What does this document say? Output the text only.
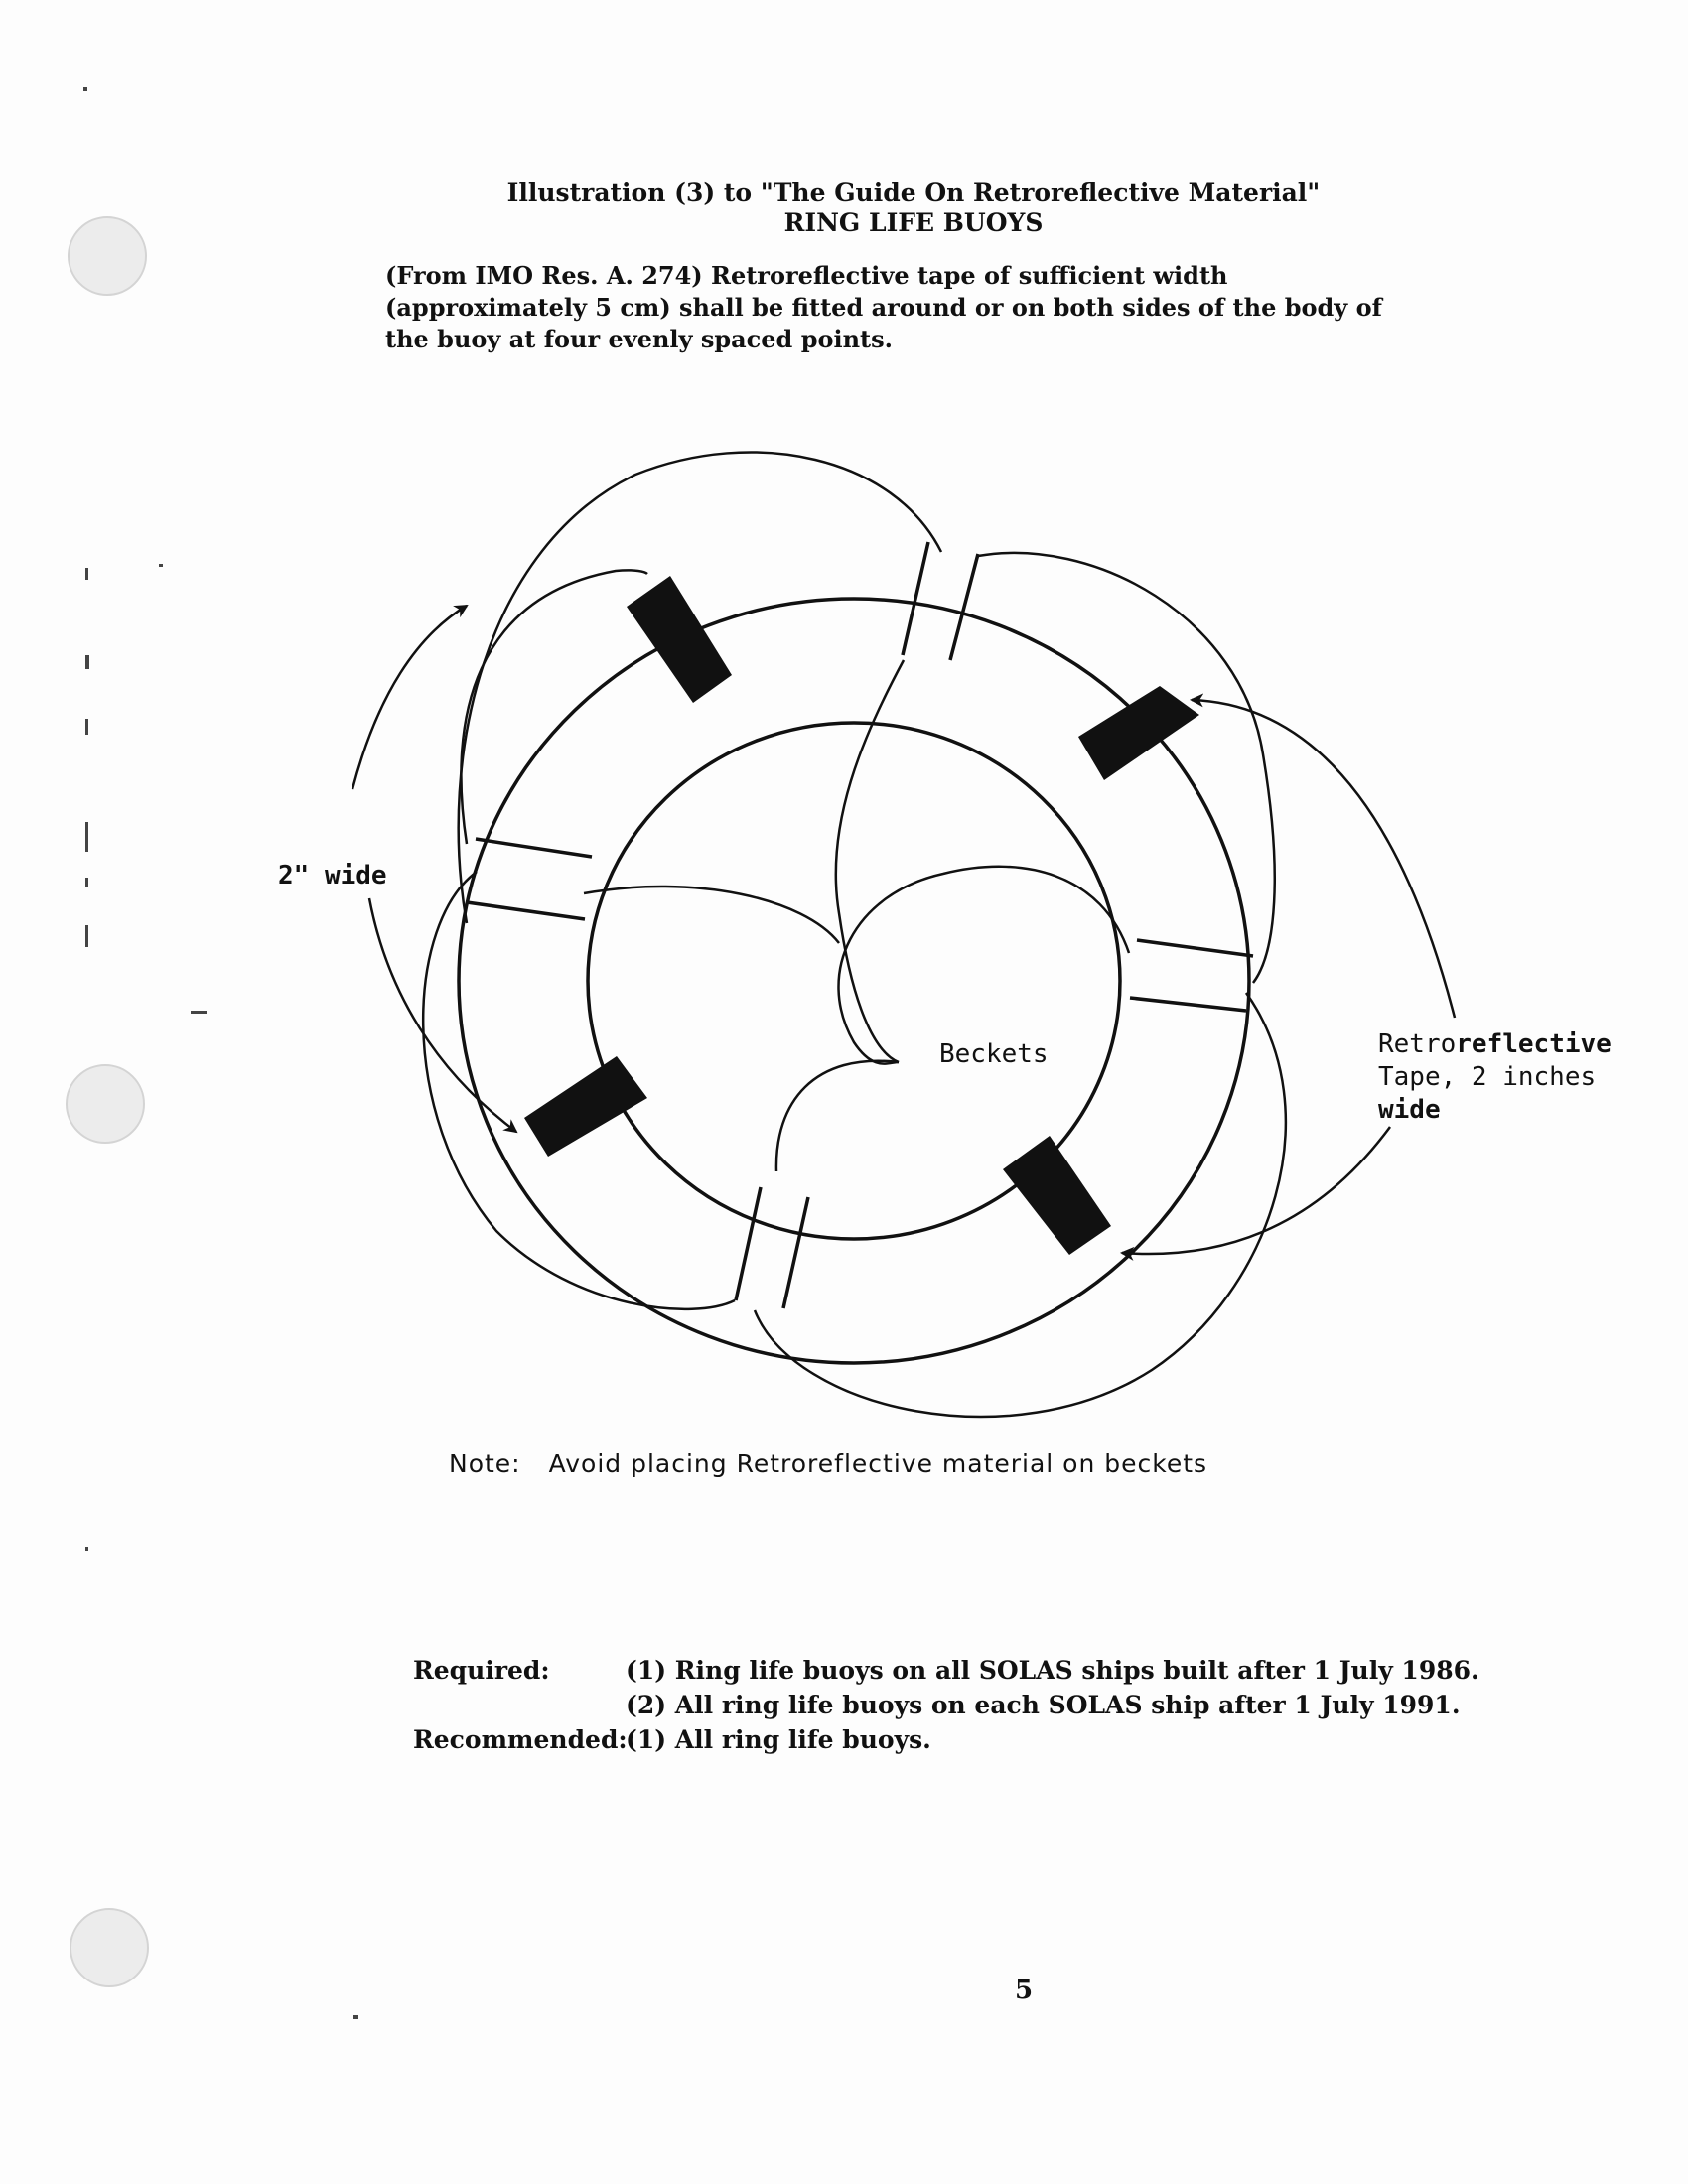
Illustration (3) to "The Guide On Retroreflective Material"
RING LIFE BUOYS
(From IMO Res. A. 274) Retroreflective tape of sufficient width
(approximately 5 cm) shall be fitted around or on both sides of the body of
the buoy at four evenly spaced points.
2" wide
Beckets	Retroreflective
Tape, 2 inches
wide
Note: Avoid placing Retroreflective material on beckets
Required:	(1) Ring life buoys on all SOLAS ships built after 1 July 1986.
(2) All ring life buoys on each SOLAS ship after 1 July 1991.
Recommended:
(1) All ring life buoys.
5
